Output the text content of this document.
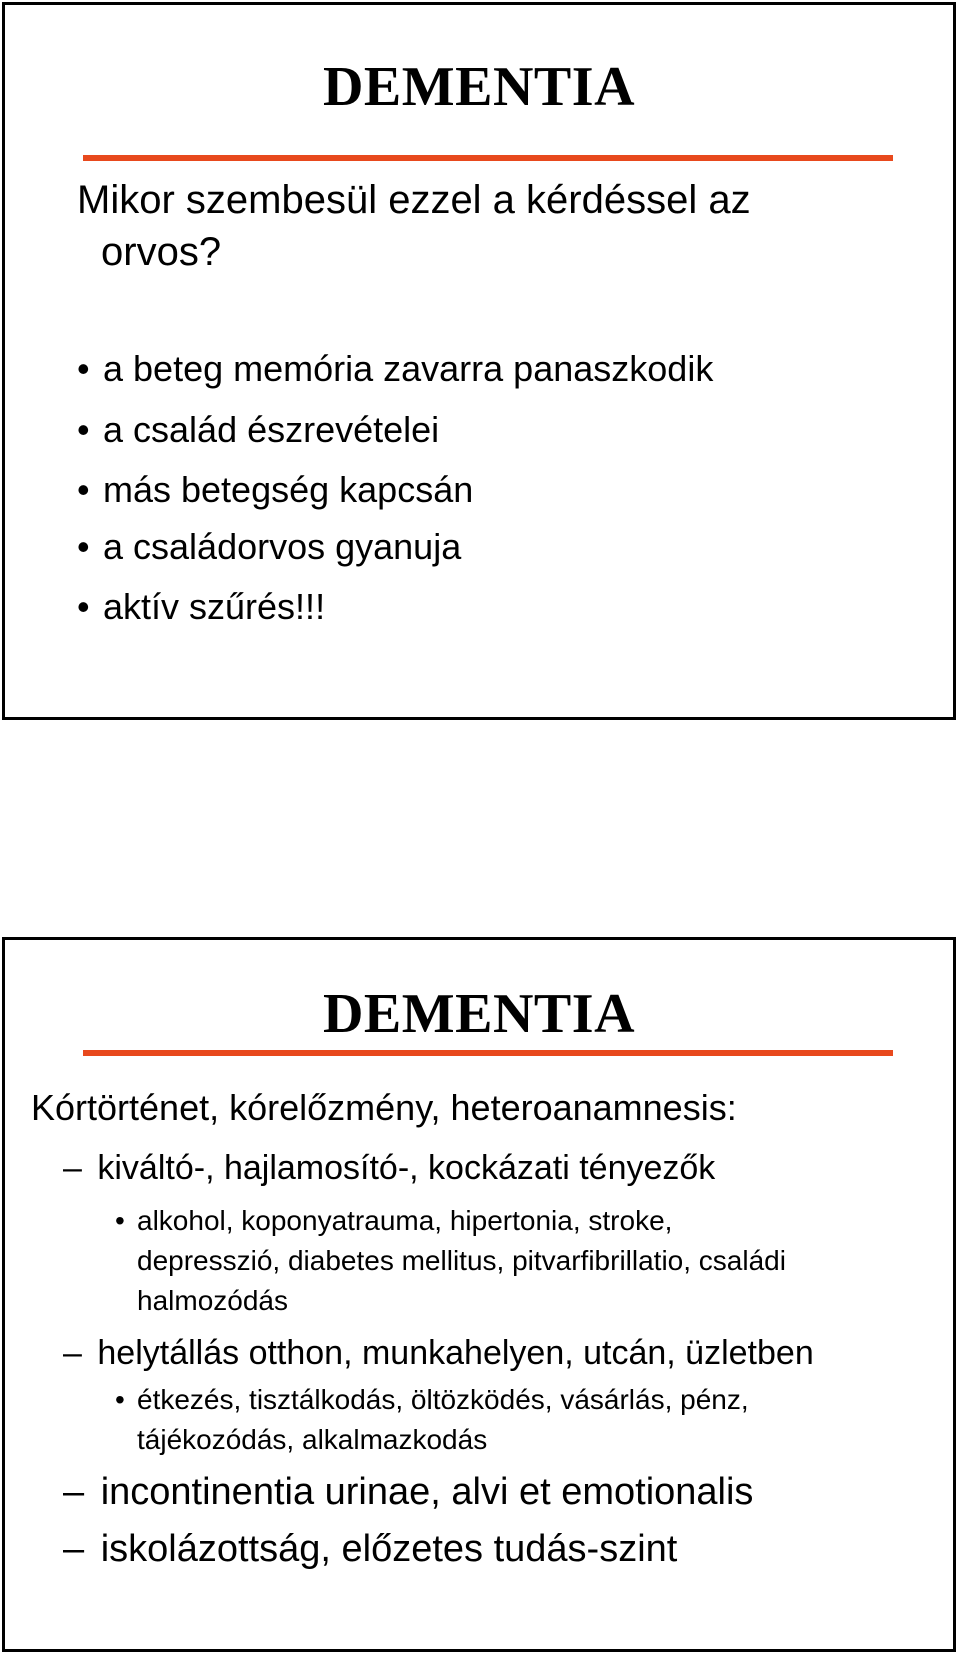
DEMENTIA
Mikor szembesül ezzel a kérdéssel az
orvos?
• a beteg memória zavarra panaszkodik
• a család észrevételei
• más betegség kapcsán
• a családorvos gyanuja
• aktív szűrés!!!
DEMENTIA
Kórtörténet, kórelőzmény, heteroanamnesis:
– kiváltó-, hajlamosító-, kockázati tényezők
• alkohol, koponyatrauma, hipertonia, stroke,
depresszió, diabetes mellitus, pitvarfibrillatio, családi
halmozódás
– helytállás otthon, munkahelyen, utcán, üzletben
• étkezés, tisztálkodás, öltözködés, vásárlás, pénz,
tájékozódás, alkalmazkodás
– incontinentia urinae, alvi et emotionalis
– iskolázottság, előzetes tudás-szint
